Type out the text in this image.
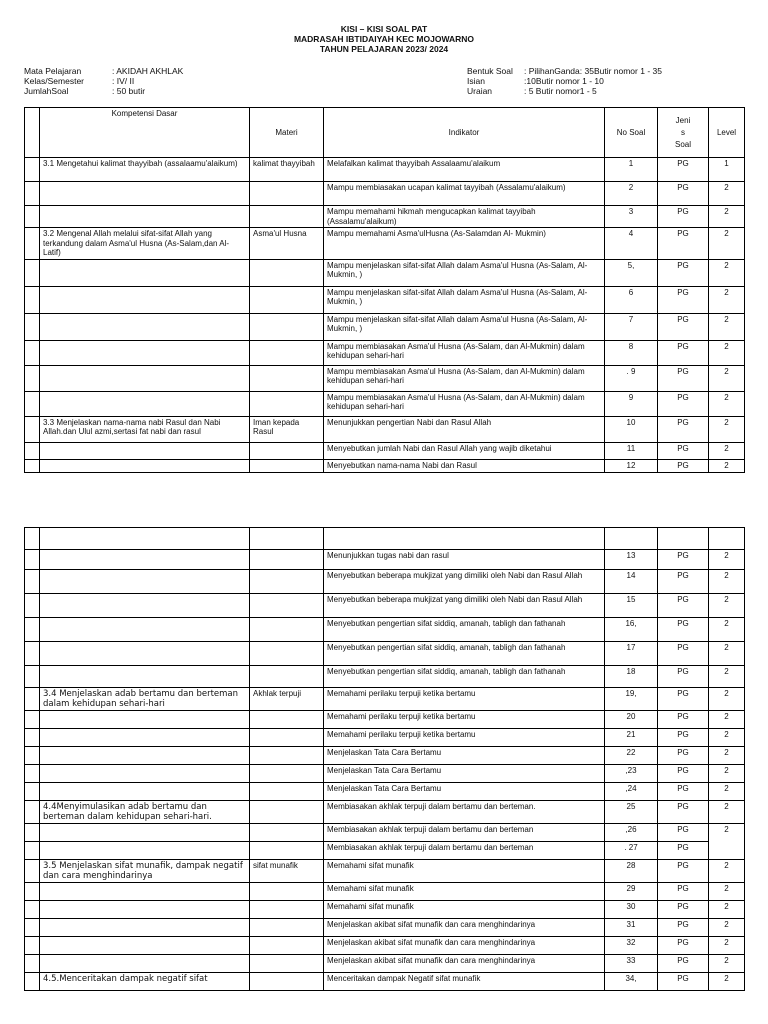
KISI – KISI SOAL PAT
MADRASAH IBTIDAIYAH KEC MOJOWARNO
TAHUN PELAJARAN 2023/ 2024
Mata Pelajaran	: AKIDAH AKHLAK
Kelas/Semester	: IV/ II
JumlahSoal	: 50 butir
Bentuk Soal : PilihanGanda: 35Butir nomor 1 - 35
Isian	:10Butir nomor 1 - 10
Uraian	: 5 Butir nomor1 - 5
	Kompetensi Dasar	Materi	Indikator	No Soal	Jeni
s
Soal	Level
	3.1 Mengetahui kalimat thayyibah (assalaamu'alaikum)	kalimat thayyibah	Melafalkan kalimat thayyibah Assalaamu'alaikum	1	PG	1
			Mampu membiasakan ucapan kalimat tayyibah (Assalamu'alaikum)	2	PG	2
			Mampu memahami hikmah mengucapkan kalimat tayyibah (Assalamu'alaikum)	3	PG	2
	3.2 Mengenal Allah melalui sifat-sifat Allah yang terkandung dalam Asma'ul Husna (As-Salam,dan Al-Latif)	Asma'ul Husna	Mampu memahami Asma'ulHusna (As-Salamdan Al- Mukmin)	4	PG	2
			Mampu menjelaskan sifat-sifat Allah dalam Asma'ul Husna (As-Salam, Al- Mukmin, )	5,	PG	2
			Mampu menjelaskan sifat-sifat Allah dalam Asma'ul Husna (As-Salam, Al- Mukmin, )	6	PG	2
			Mampu menjelaskan sifat-sifat Allah dalam Asma'ul Husna (As-Salam, Al- Mukmin, )	7	PG	2
			Mampu membiasakan Asma'ul Husna (As-Salam, dan Al-Mukmin) dalam kehidupan sehari-hari	8	PG	2
			Mampu membiasakan Asma'ul Husna (As-Salam, dan Al-Mukmin) dalam kehidupan sehari-hari	. 9	PG	2
			Mampu membiasakan Asma'ul Husna (As-Salam, dan Al-Mukmin) dalam kehidupan sehari-hari	9	PG	2
	3.3 Menjelaskan nama-nama nabi Rasul dan Nabi Allah.dan Ulul azmi,sertasi fat nabi dan rasul	Iman kepada Rasul	Menunjukkan pengertian Nabi dan Rasul Allah	10	PG	2
			Menyebutkan jumlah Nabi dan Rasul Allah yang wajib diketahui	11	PG	2
			Menyebutkan nama-nama Nabi dan Rasul	12	PG	2

			Menunjukkan tugas nabi dan rasul	13	PG	2
			Menyebutkan beberapa mukjizat yang dimiliki oleh Nabi dan Rasul Allah	14	PG	2
			Menyebutkan beberapa mukjizat yang dimiliki oleh Nabi dan Rasul Allah	15	PG	2
			Menyebutkan pengertian sifat siddiq, amanah, tabligh dan fathanah	16,	PG	2
			Menyebutkan pengertian sifat siddiq, amanah, tabligh dan fathanah	17	PG	2
			Menyebutkan pengertian sifat siddiq, amanah, tabligh dan fathanah	18	PG	2
	3.4 Menjelaskan adab bertamu dan berteman dalam kehidupan sehari-hari	Akhlak terpuji	Memahami perilaku terpuji ketika bertamu	19,	PG	2
			Memahami perilaku terpuji ketika bertamu	20	PG	2
			Memahami perilaku terpuji ketika bertamu	21	PG	2
			Menjelaskan Tata Cara Bertamu	22	PG	2
			Menjelaskan Tata Cara Bertamu	,23	PG	2
			Menjelaskan Tata Cara Bertamu	,24	PG	2
	4.4Menyimulasikan adab bertamu dan berteman dalam kehidupan sehari-hari.		Membiasakan akhlak terpuji dalam bertamu dan berteman.	25	PG	2
			Membiasakan akhlak terpuji dalam bertamu dan berteman	,26	PG	2
			Membiasakan akhlak terpuji dalam bertamu dan berteman	. 27	PG	
	3.5 Menjelaskan sifat munafik, dampak negatif dan cara menghindarinya	sifat munafik	Memahami sifat munafik	28	PG	2
			Memahami sifat munafik	29	PG	2
			Memahami sifat munafik	30	PG	2
			Menjelaskan akibat sifat munafik dan cara menghindarinya	31	PG	2
			Menjelaskan akibat sifat munafik dan cara menghindarinya	32	PG	2
			Menjelaskan akibat sifat munafik dan cara menghindarinya	33	PG	2
	4.5.Menceritakan dampak negatif sifat		Menceritakan dampak Negatif sifat munafik	34,	PG	2
